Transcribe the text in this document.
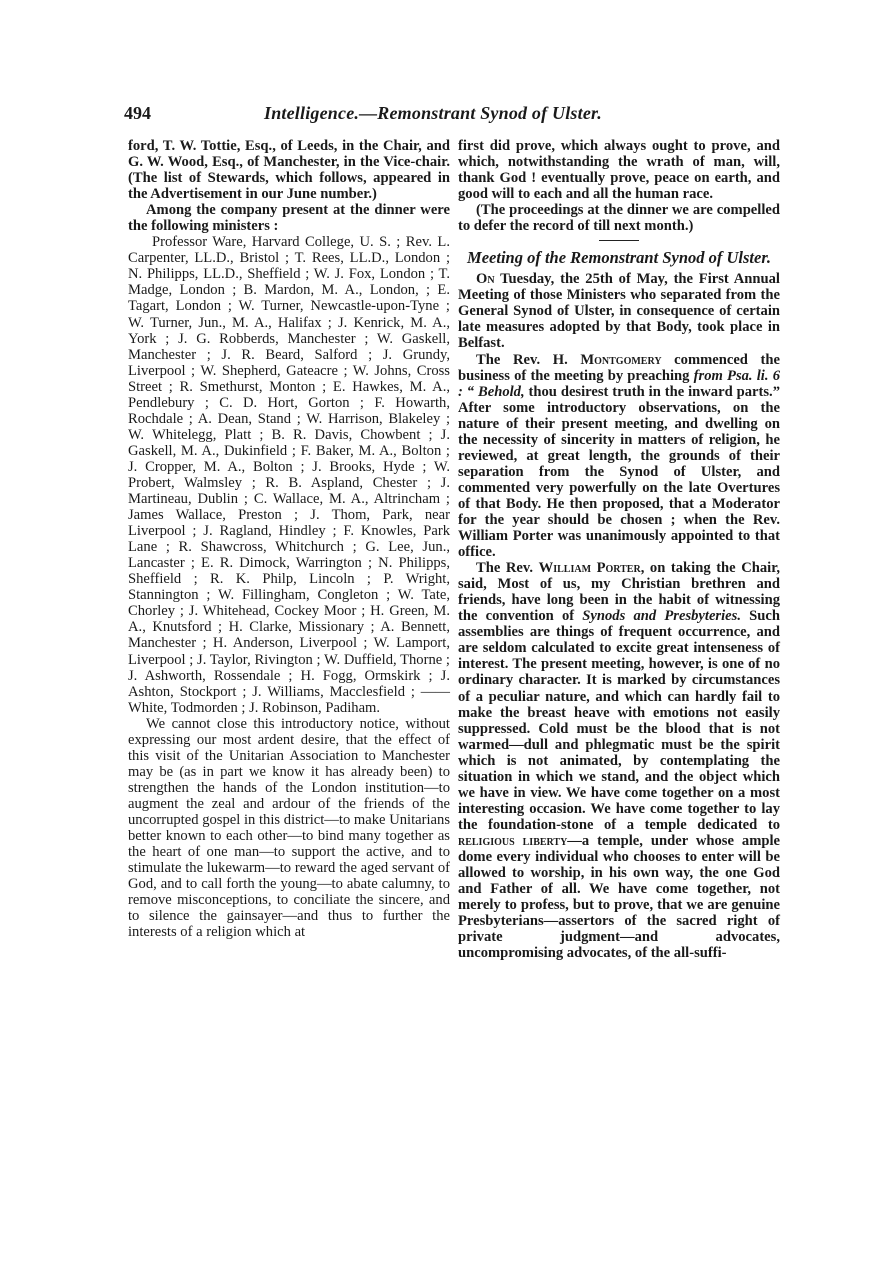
494	Intelligence.—Remonstrant Synod of Ulster.

ford, T. W. Tottie, Esq., of Leeds, in the Chair, and G. W. Wood, Esq., of Manchester, in the Vice-chair. (The list of Stewards, which follows, appeared in the Advertisement in our June number.)

Among the company present at the dinner were the following ministers :

Professor Ware, Harvard College, U. S. ; Rev. L. Carpenter, LL.D., Bristol ; T. Rees, LL.D., London ; N. Philipps, LL.D., Sheffield ; W. J. Fox, London ; T. Madge, London ; B. Mardon, M. A., London, ; E. Tagart, London ; W. Turner, Newcastle-upon-Tyne ; W. Turner, Jun., M. A., Halifax ; J. Kenrick, M. A., York ; J. G. Robberds, Manchester ; W. Gaskell, Manchester ; J. R. Beard, Salford ; J. Grundy, Liverpool ; W. Shepherd, Gateacre ; W. Johns, Cross Street ; R. Smethurst, Monton ; E. Hawkes, M. A., Pendlebury ; C. D. Hort, Gorton ; F. Howarth, Rochdale ; A. Dean, Stand ; W. Harrison, Blakeley ; W. Whitelegg, Platt ; B. R. Davis, Chowbent ; J. Gaskell, M. A., Dukinfield ; F. Baker, M. A., Bolton ; J. Cropper, M. A., Bolton ; J. Brooks, Hyde ; W. Probert, Walmsley ; R. B. Aspland, Chester ; J. Martineau, Dublin ; C. Wallace, M. A., Altrincham ; James Wallace, Preston ; J. Thom, Park, near Liverpool ; J. Ragland, Hindley ; F. Knowles, Park Lane ; R. Shawcross, Whitchurch ; G. Lee, Jun., Lancaster ; E. R. Dimock, Warrington ; N. Philipps, Sheffield ; R. K. Philp, Lincoln ; P. Wright, Stannington ; W. Fillingham, Congleton ; W. Tate, Chorley ; J. Whitehead, Cockey Moor ; H. Green, M. A., Knutsford ; H. Clarke, Missionary ; A. Bennett, Manchester ; H. Anderson, Liverpool ; W. Lamport, Liverpool ; J. Taylor, Rivington ; W. Duffield, Thorne ; J. Ashworth, Rossendale ; H. Fogg, Ormskirk ; J. Ashton, Stockport ; J. Williams, Macclesfield ; —— White, Todmorden ; J. Robinson, Padiham.

We cannot close this introductory notice, without expressing our most ardent desire, that the effect of this visit of the Unitarian Association to Manchester may be (as in part we know it has already been) to strengthen the hands of the London institution—to augment the zeal and ardour of the friends of the uncorrupted gospel in this district—to make Unitarians better known to each other—to bind many together as the heart of one man—to support the active, and to stimulate the lukewarm—to reward the aged servant of God, and to call forth the young—to abate calumny, to remove misconceptions, to conciliate the sincere, and to silence the gainsayer—and thus to further the interests of a religion which at

first did prove, which always ought to prove, and which, notwithstanding the wrath of man, will, thank God ! eventually prove, peace on earth, and good will to each and all the human race.

(The proceedings at the dinner we are compelled to defer the record of till next month.)

Meeting of the Remonstrant Synod of Ulster.

On Tuesday, the 25th of May, the First Annual Meeting of those Ministers who separated from the General Synod of Ulster, in consequence of certain late measures adopted by that Body, took place in Belfast.

The Rev. H. Montgomery commenced the business of the meeting by preaching from Psa. li. 6 : “ Behold, thou desirest truth in the inward parts.” After some introductory observations, on the nature of their present meeting, and dwelling on the necessity of sincerity in matters of religion, he reviewed, at great length, the grounds of their separation from the Synod of Ulster, and commented very powerfully on the late Overtures of that Body. He then proposed, that a Moderator for the year should be chosen ; when the Rev. William Porter was unanimously appointed to that office.

The Rev. William Porter, on taking the Chair, said, Most of us, my Christian brethren and friends, have long been in the habit of witnessing the convention of Synods and Presbyteries. Such assemblies are things of frequent occurrence, and are seldom calculated to excite great intenseness of interest. The present meeting, however, is one of no ordinary character. It is marked by circumstances of a peculiar nature, and which can hardly fail to make the breast heave with emotions not easily suppressed. Cold must be the blood that is not warmed—dull and phlegmatic must be the spirit which is not animated, by contemplating the situation in which we stand, and the object which we have in view. We have come together on a most interesting occasion. We have come together to lay the foundation-stone of a temple dedicated to religious liberty—a temple, under whose ample dome every individual who chooses to enter will be allowed to worship, in his own way, the one God and Father of all. We have come together, not merely to profess, but to prove, that we are genuine Presbyterians—assertors of the sacred right of private judgment—and advocates, uncompromising advocates, of the all-suffi-
